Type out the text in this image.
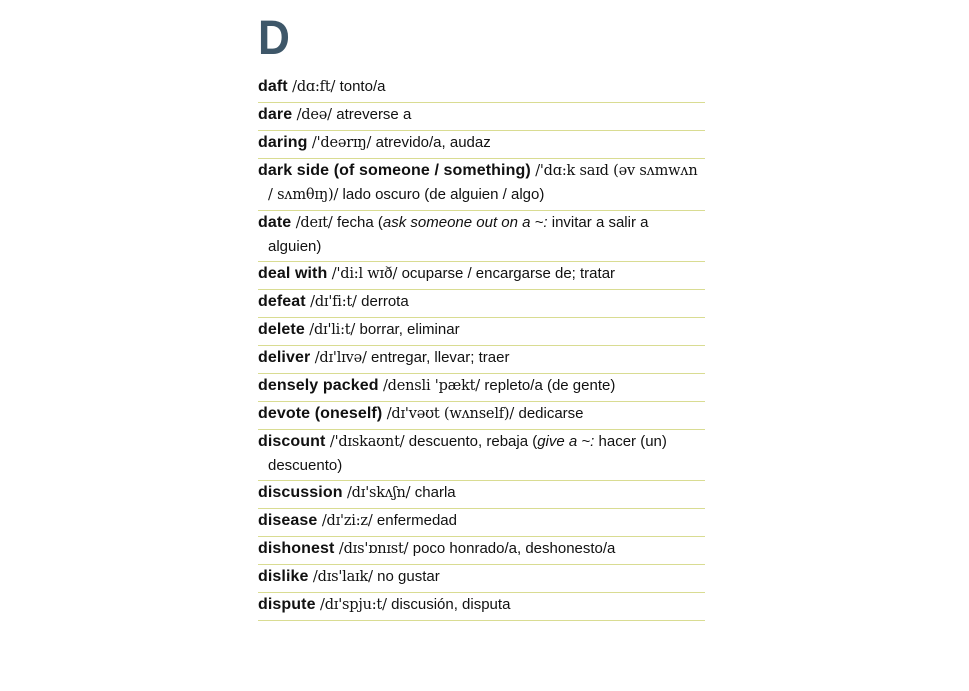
D
daft /dɑ:ft/ tonto/a
dare /deə/ atreverse a
daring /'deərɪŋ/ atrevido/a, audaz
dark side (of someone / something) /'dɑ:k saɪd (əv sʌmwʌn / sʌmθɪŋ)/ lado oscuro (de alguien / algo)
date /deɪt/ fecha (ask someone out on a ~: invitar a salir a alguien)
deal with /'di:l wɪð/ ocuparse / encargarse de; tratar
defeat /dɪ'fi:t/ derrota
delete /dɪ'li:t/ borrar, eliminar
deliver /dɪ'lɪvə/ entregar, llevar; traer
densely packed /densli 'pækt/ repleto/a (de gente)
devote (oneself) /dɪ'vəʊt (wʌnself)/ dedicarse
discount /'dɪskaʊnt/ descuento, rebaja (give a ~: hacer (un) descuento)
discussion /dɪ'skʌʃn/ charla
disease /dɪ'zi:z/ enfermedad
dishonest /dɪs'ɒnɪst/ poco honrado/a, deshonesto/a
dislike /dɪs'laɪk/ no gustar
dispute /dɪ'spju:t/ discusión, disputa
